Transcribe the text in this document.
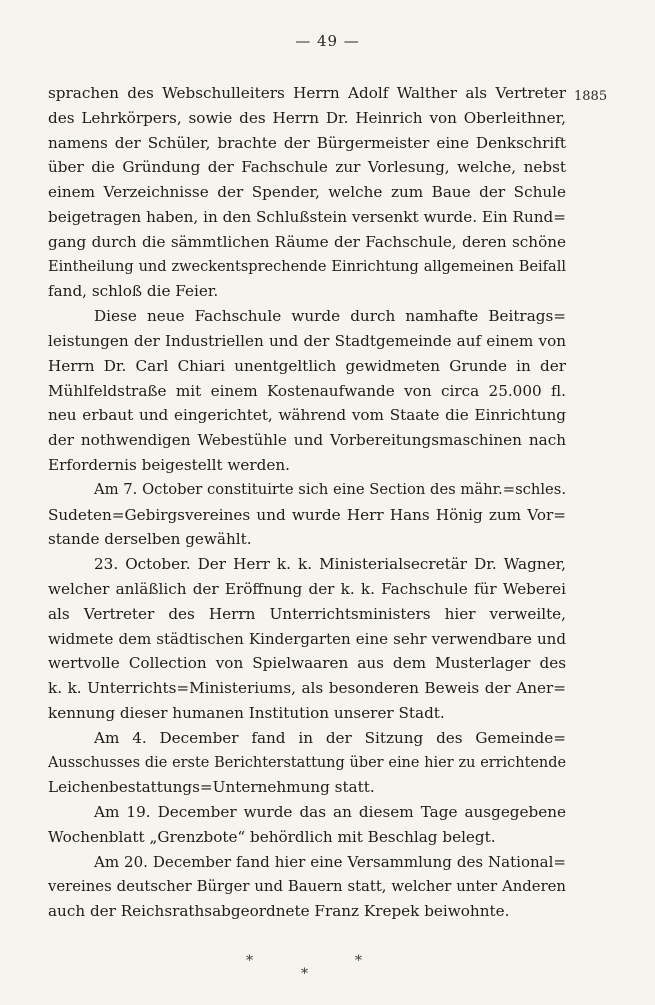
— 49 —
1885
sprachen des Webschulleiters Herrn Adolf Walther als Vertreter
des Lehrkörpers, sowie des Herrn Dr. Heinrich von Oberleithner,
namens der Schüler, brachte der Bürgermeister eine Denkschrift
über die Gründung der Fachschule zur Vorlesung, welche, nebst
einem Verzeichnisse der Spender, welche zum Baue der Schule
beigetragen haben, in den Schlußstein versenkt wurde. Ein Rund=
gang durch die sämmtlichen Räume der Fachschule, deren schöne
Eintheilung und zweckentsprechende Einrichtung allgemeinen Beifall
fand, schloß die Feier.
Diese neue Fachschule wurde durch namhafte Beitrags=
leistungen der Industriellen und der Stadtgemeinde auf einem von
Herrn Dr. Carl Chiari unentgeltlich gewidmeten Grunde in der
Mühlfeldstraße mit einem Kostenaufwande von circa 25.000 fl.
neu erbaut und eingerichtet, während vom Staate die Einrichtung
der nothwendigen Webestühle und Vorbereitungsmaschinen nach
Erfordernis beigestellt werden.
Am 7. October constituirte sich eine Section des mähr.=schles.
Sudeten=Gebirgsvereines und wurde Herr Hans Hönig zum Vor=
stande derselben gewählt.
23. October. Der Herr k. k. Ministerialsecretär Dr. Wagner,
welcher anläßlich der Eröffnung der k. k. Fachschule für Weberei
als Vertreter des Herrn Unterrichtsministers hier verweilte,
widmete dem städtischen Kindergarten eine sehr verwendbare und
wertvolle Collection von Spielwaaren aus dem Musterlager des
k. k. Unterrichts=Ministeriums, als besonderen Beweis der Aner=
kennung dieser humanen Institution unserer Stadt.
Am 4. December fand in der Sitzung des Gemeinde=
Ausschusses die erste Berichterstattung über eine hier zu errichtende
Leichenbestattungs=Unternehmung statt.
Am 19. December wurde das an diesem Tage ausgegebene
Wochenblatt „Grenzbote“ behördlich mit Beschlag belegt.
Am 20. December fand hier eine Versammlung des National=
vereines deutscher Bürger und Bauern statt, welcher unter Anderen
auch der Reichsrathsabgeordnete Franz Krepek beiwohnte.
*	*
*
